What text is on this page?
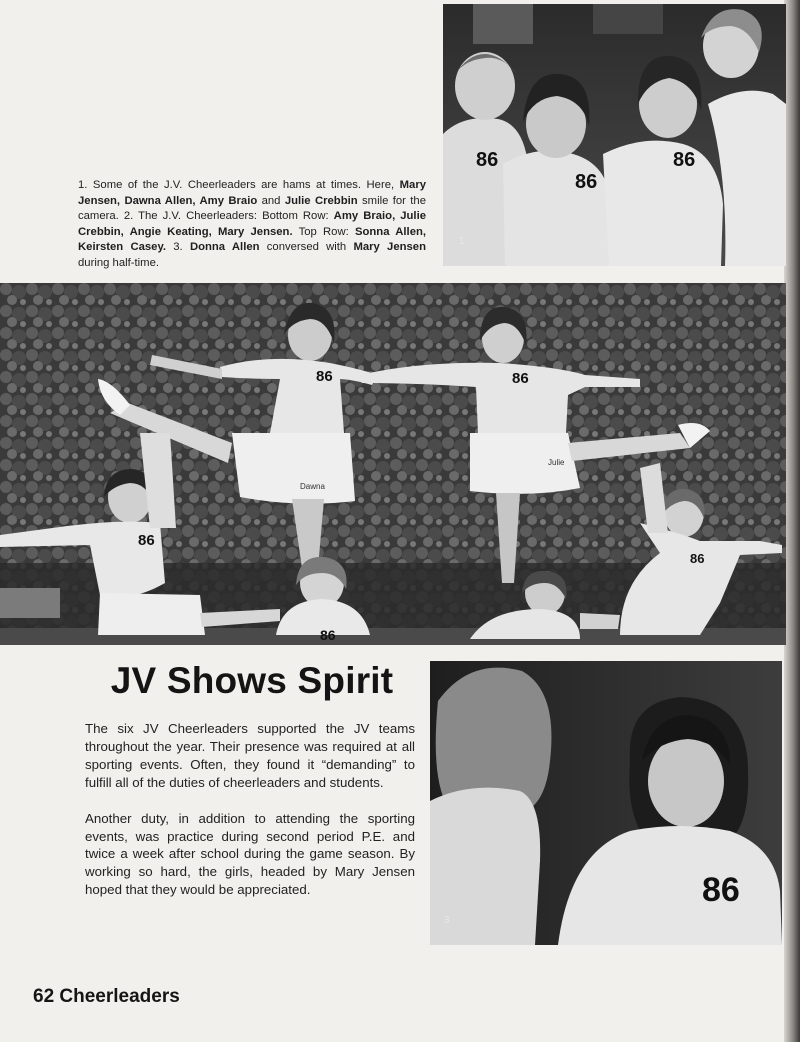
86
86
86
1
1. Some of the J.V. Cheerleaders are hams at times. Here, Mary Jensen, Dawna Allen, Amy Braio and Julie Crebbin smile for the camera. 2. The J.V. Cheerleaders: Bottom Row: Amy Braio, Julie Crebbin, Angie Keating, Mary Jensen. Top Row: Sonna Allen, Keirsten Casey. 3. Donna Allen conversed with Mary Jensen during half-time.
86
Dawna
86
Julie
86
86
86
JV Shows Spirit

The six JV Cheerleaders supported the JV teams throughout the year. Their presence was required at all sporting events. Often, they found it “demanding” to fulfill all of the duties of cheerleaders and students.

Another duty, in addition to attending the sporting events, was practice during second period P.E. and twice a week after school during the game season. By working so hard, the girls, headed by Mary Jensen hoped that they would be appreciated.	86
3
62 Cheerleaders
